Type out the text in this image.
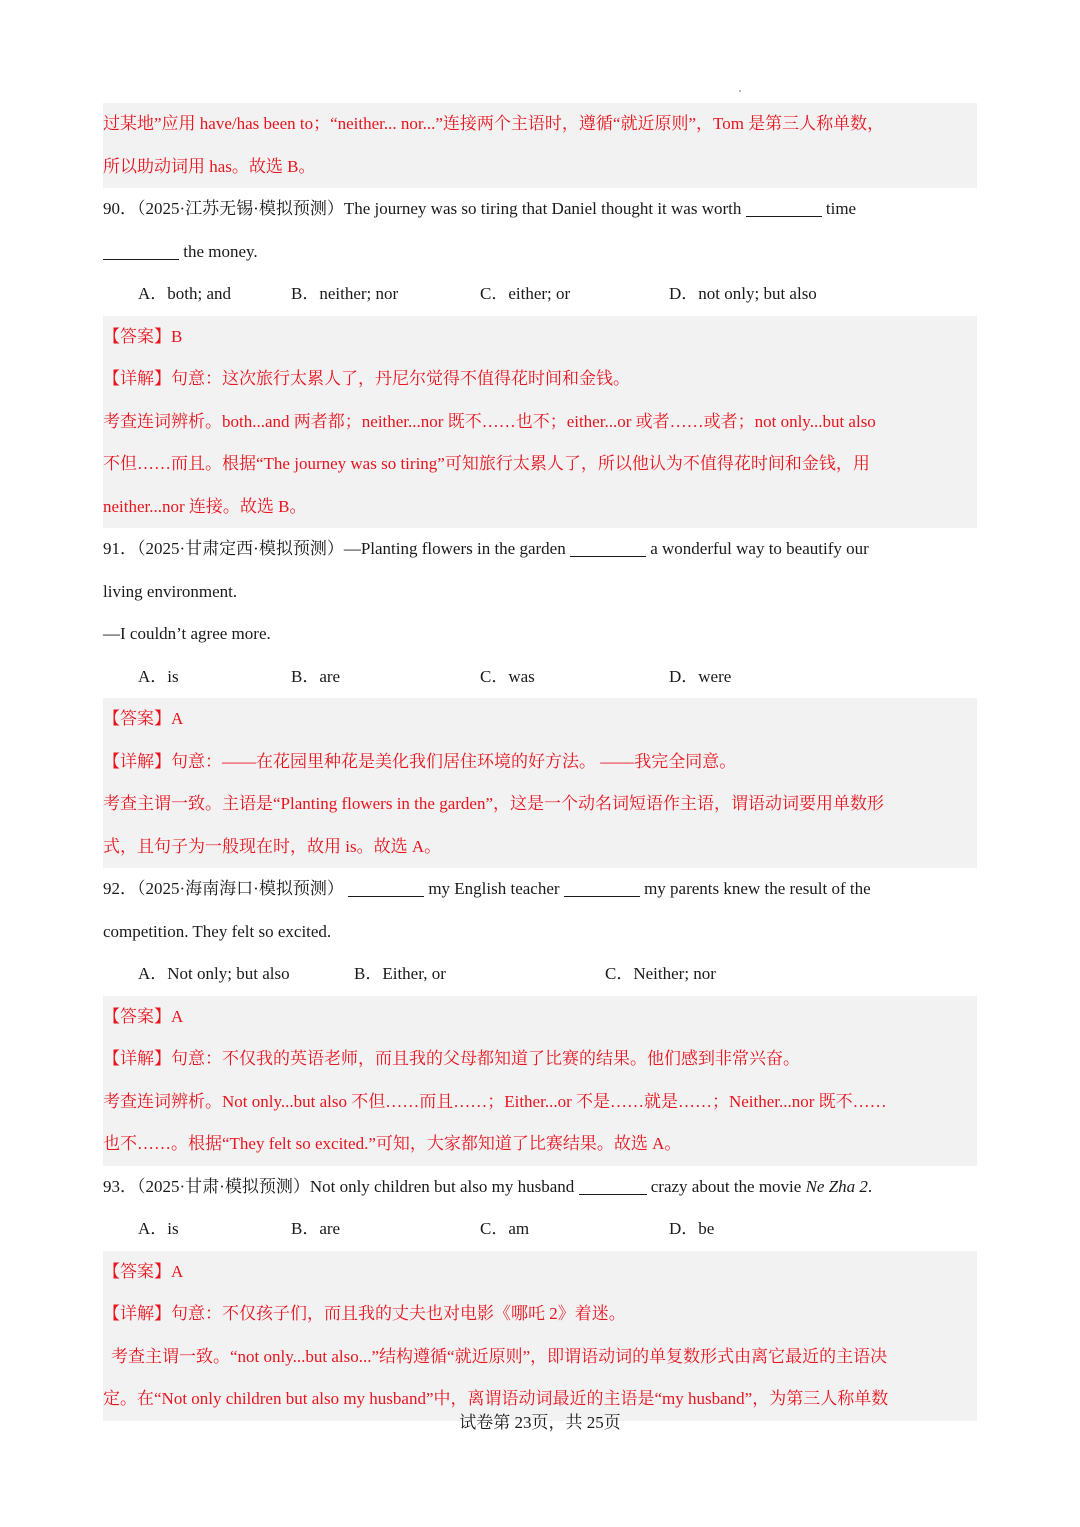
过某地”应用 have/has been to；“neither... nor...”连接两个主语时，遵循“就近原则”，Tom 是第三人称单数，
所以助动词用 has。故选 B。
90．（2025·江苏无锡·模拟预测）The journey was so tiring that Daniel thought it was worth	time
the money.
A．both; and	B．neither; nor	C．either; or	D．not only; but also
【答案】B
【详解】句意：这次旅行太累人了，丹尼尔觉得不值得花时间和金钱。
考查连词辨析。both...and 两者都；neither...nor 既不……也不；either...or 或者……或者；not only...but also
不但……而且。根据“The journey was so tiring”可知旅行太累人了，所以他认为不值得花时间和金钱，用
neither...nor 连接。故选 B。
91．（2025·甘肃定西·模拟预测）—Planting flowers in the garden	a wonderful way to beautify our
living environment.
—I couldn’t agree more.
A．is	B．are	C．was	D．were
【答案】A
【详解】句意：——在花园里种花是美化我们居住环境的好方法。 ——我完全同意。
考查主谓一致。主语是“Planting flowers in the garden”，这是一个动名词短语作主语，谓语动词要用单数形
式，且句子为一般现在时，故用 is。故选 A。
92．（2025·海南海口·模拟预测）	my English teacher	my parents knew the result of the
competition. They felt so excited.
A．Not only; but also	B．Either, or	C．Neither; nor
【答案】A
【详解】句意：不仅我的英语老师，而且我的父母都知道了比赛的结果。他们感到非常兴奋。
考查连词辨析。Not only...but also 不但……而且……；Either...or 不是……就是……；Neither...nor 既不……
也不……。根据“They felt so excited.”可知，大家都知道了比赛结果。故选 A。
93．（2025·甘肃·模拟预测）Not only children but also my husband	crazy about the movie Ne Zha 2.
A．is	B．are	C．am	D．be
【答案】A
【详解】句意：不仅孩子们，而且我的丈夫也对电影《哪吒 2》着迷。
考查主谓一致。“not only...but also...”结构遵循“就近原则”，即谓语动词的单复数形式由离它最近的主语决
定。在“Not only children but also my husband”中，离谓语动词最近的主语是“my husband”，为第三人称单数
试卷第 23页，共 25页
